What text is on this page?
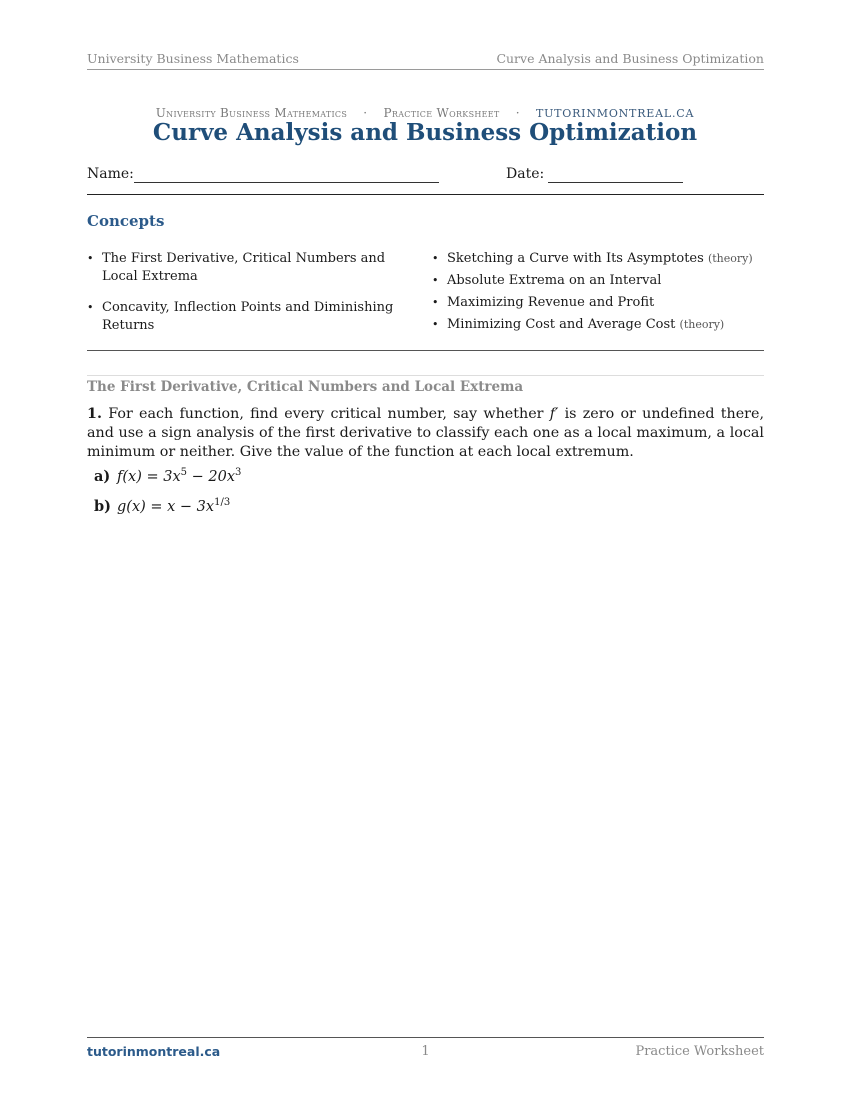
University Business Mathematics	Curve Analysis and Business Optimization
University Business Mathematics · Practice Worksheet · TUTORINMONTREAL.CA
Curve Analysis and Business Optimization
Name:	Date:
Concepts
• The First Derivative, Critical Numbers and Local Extrema
• Concavity, Inflection Points and Diminishing Returns
• Sketching a Curve with Its Asymptotes (theory)
• Absolute Extrema on an Interval
• Maximizing Revenue and Profit
• Minimizing Cost and Average Cost (theory)
The First Derivative, Critical Numbers and Local Extrema
1. For each function, find every critical number, say whether f′ is zero or undefined there, and use a sign analysis of the first derivative to classify each one as a local maximum, a local minimum or neither. Give the value of the function at each local extremum.
a) $f(x) = 3x^5 - 20x^3$
b) $g(x) = x - 3x^{1/3}$
tutorinmontreal.ca	1	Practice Worksheet
